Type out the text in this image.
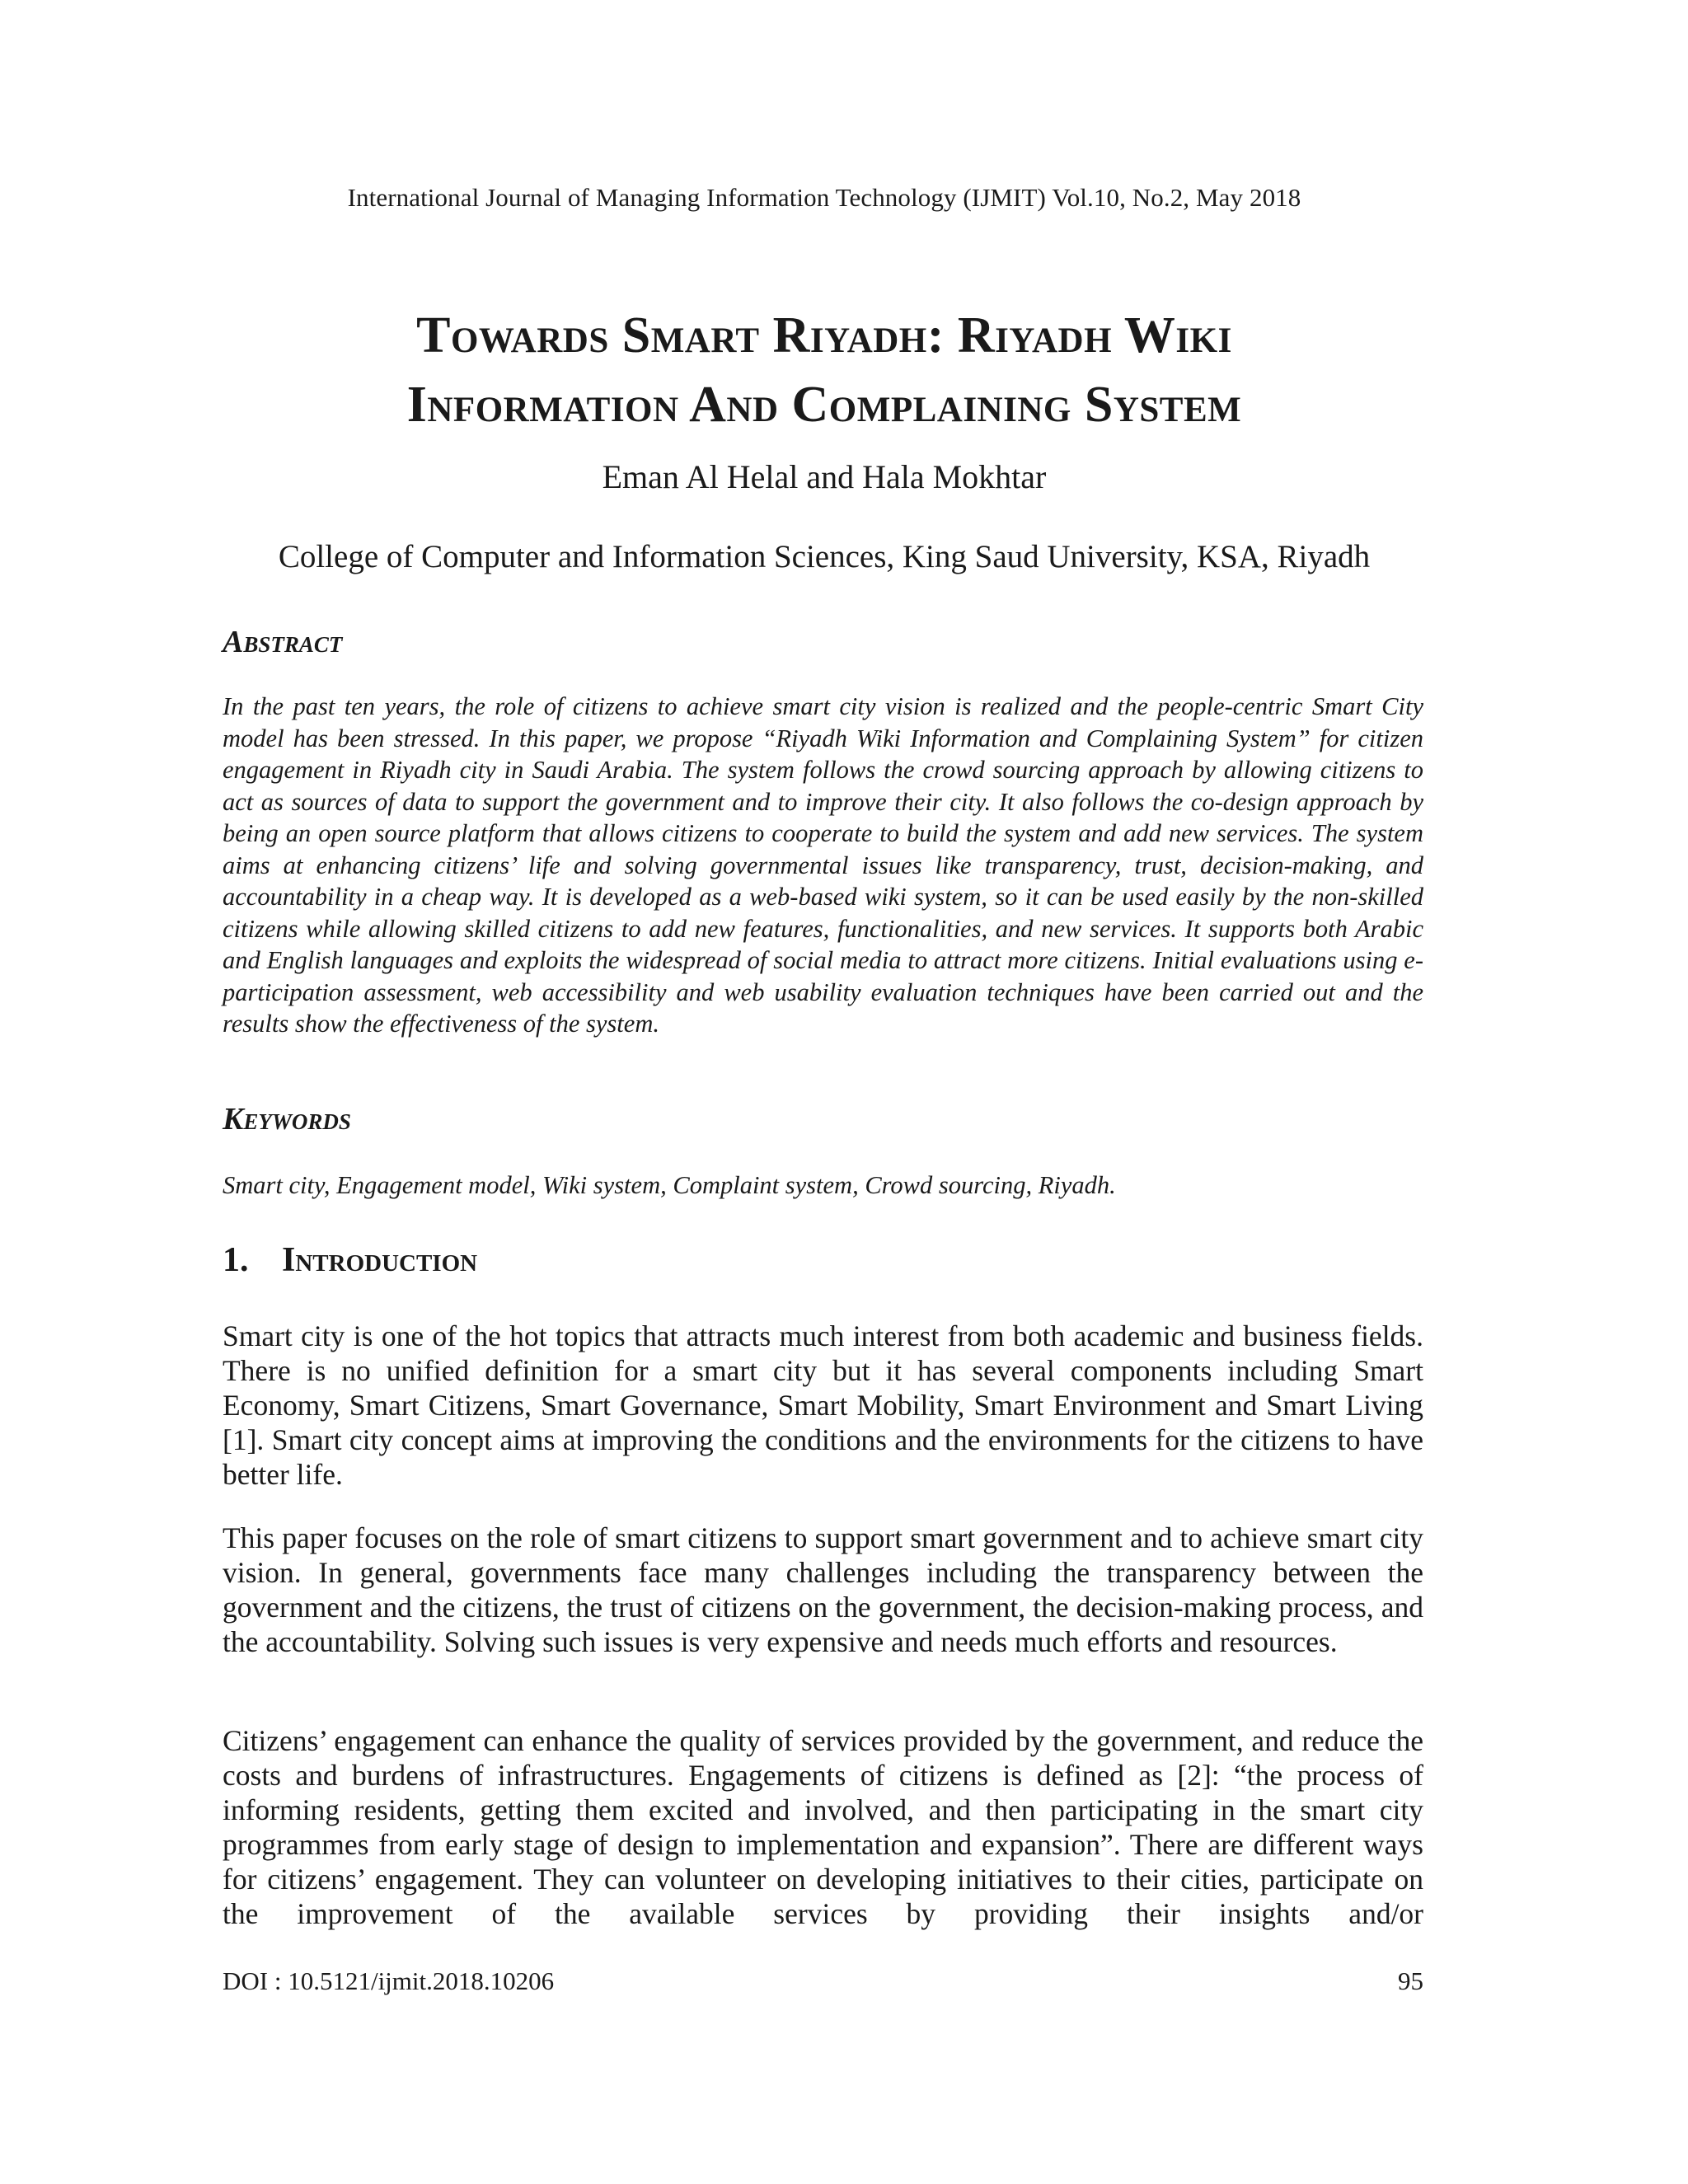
International Journal of Managing Information Technology (IJMIT) Vol.10, No.2, May 2018
Towards Smart Riyadh: Riyadh Wiki
Information And Complaining System
Eman Al Helal and Hala Mokhtar
College of Computer and Information Sciences, King Saud University, KSA, Riyadh
Abstract
In the past ten years, the role of citizens to achieve smart city vision is realized and the people-centric Smart City model has been stressed. In this paper, we propose “Riyadh Wiki Information and Complaining System” for citizen engagement in Riyadh city in Saudi Arabia. The system follows the crowd sourcing approach by allowing citizens to act as sources of data to support the government and to improve their city. It also follows the co-design approach by being an open source platform that allows citizens to cooperate to build the system and add new services. The system aims at enhancing citizens’ life and solving governmental issues like transparency, trust, decision-making, and accountability in a cheap way. It is developed as a web-based wiki system, so it can be used easily by the non-skilled citizens while allowing skilled citizens to add new features, functionalities, and new services. It supports both Arabic and English languages and exploits the widespread of social media to attract more citizens. Initial evaluations using e-participation assessment, web accessibility and web usability evaluation techniques have been carried out and the results show the effectiveness of the system.
Keywords
Smart city, Engagement model, Wiki system, Complaint system, Crowd sourcing, Riyadh.
1. Introduction
Smart city is one of the hot topics that attracts much interest from both academic and business fields. There is no unified definition for a smart city but it has several components including Smart Economy, Smart Citizens, Smart Governance, Smart Mobility, Smart Environment and Smart Living [1]. Smart city concept aims at improving the conditions and the environments for the citizens to have better life.
This paper focuses on the role of smart citizens to support smart government and to achieve smart city vision. In general, governments face many challenges including the transparency between the government and the citizens, the trust of citizens on the government, the decision-making process, and the accountability. Solving such issues is very expensive and needs much efforts and resources.
Citizens’ engagement can enhance the quality of services provided by the government, and reduce the costs and burdens of infrastructures. Engagements of citizens is defined as [2]: “the process of informing residents, getting them excited and involved, and then participating in the smart city programmes from early stage of design to implementation and expansion”. There are different ways for citizens’ engagement. They can volunteer on developing initiatives to their cities, participate on the improvement of the available services by providing their insights and/or
DOI : 10.5121/ijmit.2018.10206	95
